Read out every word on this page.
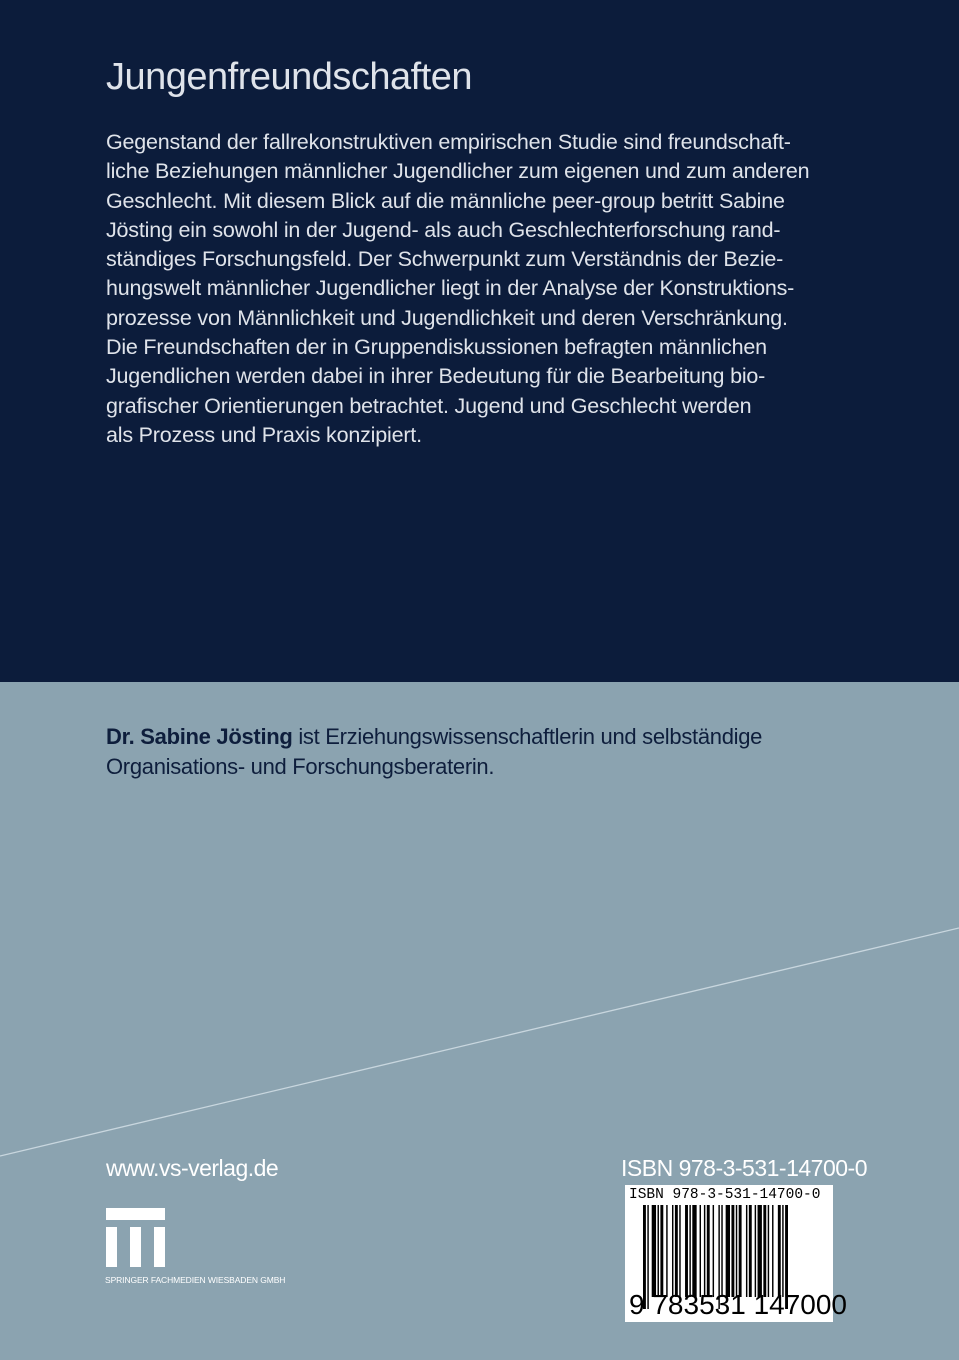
Jungenfreundschaften
Gegenstand der fallrekonstruktiven empirischen Studie sind freundschaft-
liche Beziehungen männlicher Jugendlicher zum eigenen und zum anderen
Geschlecht. Mit diesem Blick auf die männliche peer-group betritt Sabine
Jösting ein sowohl in der Jugend- als auch Geschlechterforschung rand-
ständiges Forschungsfeld. Der Schwerpunkt zum Verständnis der Bezie-
hungswelt männlicher Jugendlicher liegt in der Analyse der Konstruktions-
prozesse von Männlichkeit und Jugendlichkeit und deren Verschränkung.
Die Freundschaften der in Gruppendiskussionen befragten männlichen
Jugendlichen werden dabei in ihrer Bedeutung für die Bearbeitung bio-
grafischer Orientierungen betrachtet. Jugend und Geschlecht werden
als Prozess und Praxis konzipiert.
Dr. Sabine Jösting ist Erziehungswissenschaftlerin und selbständige
Organisations- und Forschungsberaterin.
www.vs-verlag.de	ISBN 978-3-531-14700-0
SPRINGER FACHMEDIEN WIESBADEN GMBH
ISBN 978-3-531-14700-0
9 783531 147000
